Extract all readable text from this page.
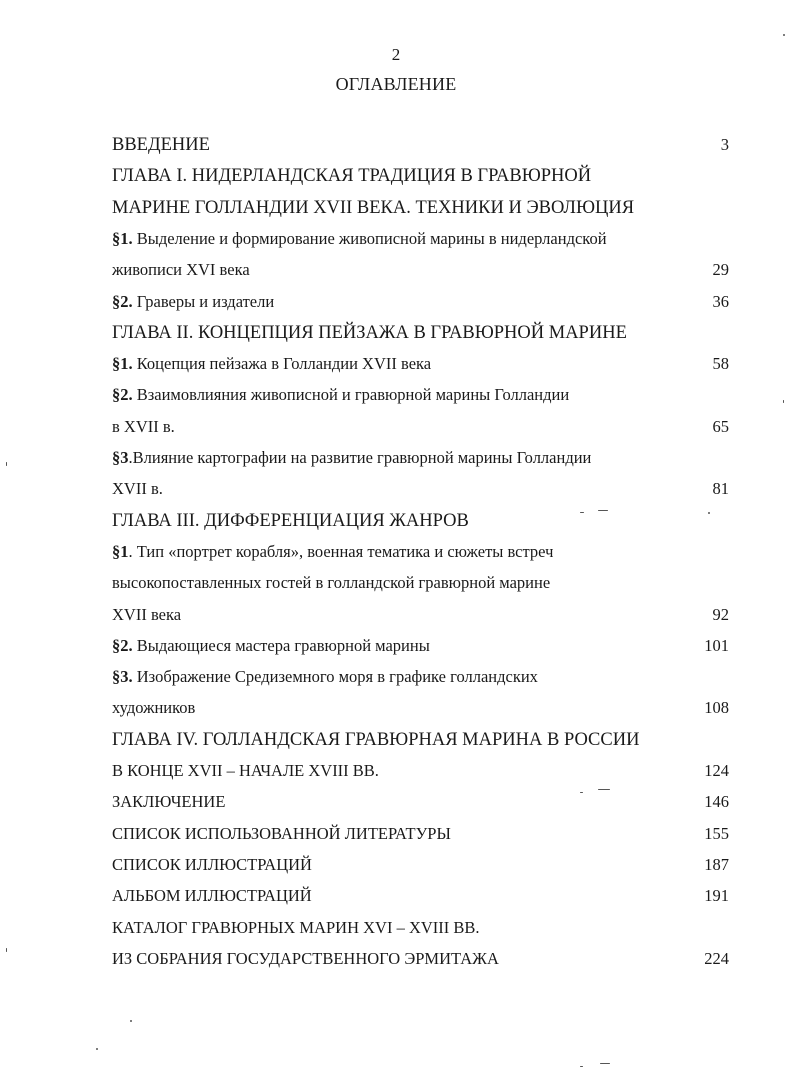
2
ОГЛАВЛЕНИЕ
ВВЕДЕНИЕ	3
ГЛАВА I. НИДЕРЛАНДСКАЯ ТРАДИЦИЯ В ГРАВЮРНОЙ
МАРИНЕ ГОЛЛАНДИИ XVII ВЕКА. ТЕХНИКИ И ЭВОЛЮЦИЯ
§1. Выделение и формирование живописной марины в нидерландской
живописи XVI века	29
§2. Граверы и издатели	36
ГЛАВА II. КОНЦЕПЦИЯ ПЕЙЗАЖА В ГРАВЮРНОЙ МАРИНЕ
§1. Коцепция пейзажа в Голландии XVII века	58
§2. Взаимовлияния живописной и гравюрной марины Голландии
в XVII в.	65
§3.Влияние картографии на развитие гравюрной марины Голландии
XVII в.	81
ГЛАВА III. ДИФФЕРЕНЦИАЦИЯ ЖАНРОВ
§1. Тип «портрет корабля», военная тематика и сюжеты встреч
высокопоставленных гостей в голландской гравюрной марине
XVII века	92
§2. Выдающиеся мастера гравюрной марины	101
§3. Изображение Средиземного моря в графике голландских
художников	108
ГЛАВА IV. ГОЛЛАНДСКАЯ ГРАВЮРНАЯ МАРИНА В РОССИИ
В КОНЦЕ XVII – НАЧАЛЕ XVIII ВВ.	124
ЗАКЛЮЧЕНИЕ	146
СПИСОК ИСПОЛЬЗОВАННОЙ ЛИТЕРАТУРЫ	155
СПИСОК ИЛЛЮСТРАЦИЙ	187
АЛЬБОМ ИЛЛЮСТРАЦИЙ	191
КАТАЛОГ ГРАВЮРНЫХ МАРИН XVI – XVIII ВВ.
ИЗ СОБРАНИЯ ГОСУДАРСТВЕННОГО ЭРМИТАЖА	224
